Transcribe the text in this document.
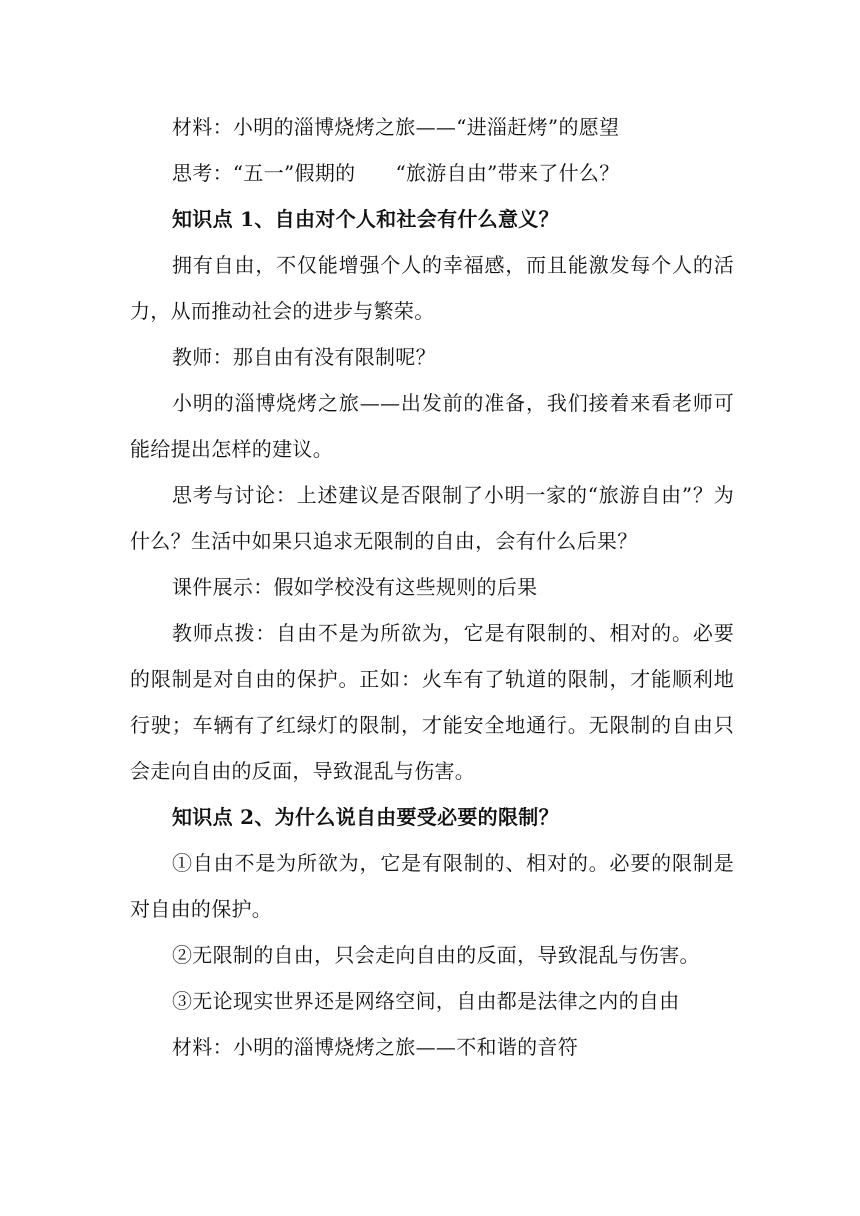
材料：小明的淄博烧烤之旅——“进淄赶烤”的愿望

思考：“五一”假期的 “旅游自由”带来了什么？

知识点 1、自由对个人和社会有什么意义？

拥有自由，不仅能增强个人的幸福感，而且能激发每个人的活力，从而推动社会的进步与繁荣。

教师：那自由有没有限制呢？

小明的淄博烧烤之旅——出发前的准备，我们接着来看老师可能给提出怎样的建议。

思考与讨论：上述建议是否限制了小明一家的“旅游自由”？为什么？生活中如果只追求无限制的自由，会有什么后果？

课件展示：假如学校没有这些规则的后果

教师点拨：自由不是为所欲为，它是有限制的、相对的。必要的限制是对自由的保护。正如：火车有了轨道的限制，才能顺利地行驶；车辆有了红绿灯的限制，才能安全地通行。无限制的自由只会走向自由的反面，导致混乱与伤害。

知识点 2、为什么说自由要受必要的限制？

①自由不是为所欲为，它是有限制的、相对的。必要的限制是对自由的保护。

②无限制的自由，只会走向自由的反面，导致混乱与伤害。

③无论现实世界还是网络空间，自由都是法律之内的自由

材料：小明的淄博烧烤之旅——不和谐的音符
